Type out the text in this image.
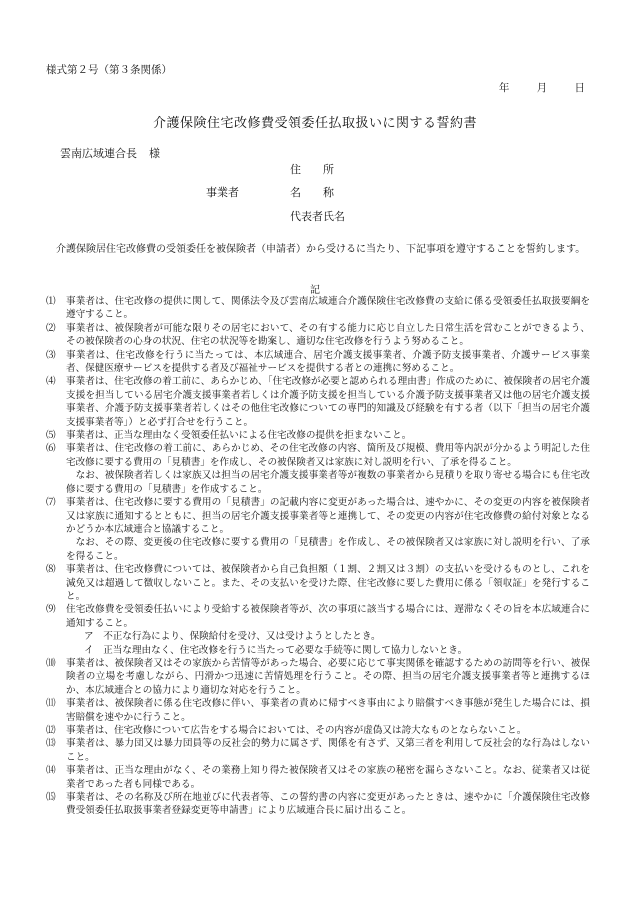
様式第２号（第３条関係）
年	月	日
介護保険住宅改修費受領委任払取扱いに関する誓約書
雲南広域連合長 様
事業者
住　　所
名　　称
代表者氏名
介護保険居住宅改修費の受領委任を被保険者（申請者）から受けるに当たり、下記事項を遵守することを誓約します。
記
⑴	事業者は、住宅改修の提供に関して、関係法令及び雲南広域連合介護保険住宅改修費の支給に係る受領委任払取扱要綱を遵守すること。
⑵	事業者は、被保険者が可能な限りその居宅において、その有する能力に応じ自立した日常生活を営むことができるよう、その被保険者の心身の状況、住宅の状況等を勘案し、適切な住宅改修を行うよう努めること。
⑶	事業者は、住宅改修を行うに当たっては、本広域連合、居宅介護支援事業者、介護予防支援事業者、介護サービス事業者、保健医療サービスを提供する者及び福祉サービスを提供する者との連携に努めること。
⑷	事業者は、住宅改修の着工前に、あらかじめ、「住宅改修が必要と認められる理由書」作成のために、被保険者の居宅介護支援を担当している居宅介護支援事業者若しくは介護予防支援を担当している介護予防支援事業者又は他の居宅介護支援事業者、介護予防支援事業者若しくはその他住宅改修についての専門的知識及び経験を有する者（以下「担当の居宅介護支援事業者等」）と必ず打合せを行うこと。
⑸	事業者は、正当な理由なく受領委任払いによる住宅改修の提供を拒まないこと。
⑹	事業者は、住宅改修の着工前に、あらかじめ、その住宅改修の内容、箇所及び規模、費用等内訳が分かるよう明記した住宅改修に要する費用の「見積書」を作成し、その被保険者又は家族に対し説明を行い、了承を得ること。
なお、被保険者若しくは家族又は担当の居宅介護支援事業者等が複数の事業者から見積りを取り寄せる場合にも住宅改修に要する費用の「見積書」を作成すること。
⑺	事業者は、住宅改修に要する費用の「見積書」の記載内容に変更があった場合は、速やかに、その変更の内容を被保険者又は家族に通知するとともに、担当の居宅介護支援事業者等と連携して、その変更の内容が住宅改修費の給付対象となるかどうか本広域連合と協議すること。
なお、その際、変更後の住宅改修に要する費用の「見積書」を作成し、その被保険者又は家族に対し説明を行い、了承を得ること。
⑻	事業者は、住宅改修費については、被保険者から自己負担額（１割、２割又は３割）の支払いを受けるものとし、これを減免又は超過して徴収しないこと。また、その支払いを受けた際、住宅改修に要した費用に係る「領収証」を発行すること。
⑼	住宅改修費を受領委任払いにより受給する被保険者等が、次の事項に該当する場合には、遅滞なくその旨を本広域連合に通知すること。
ア　 不正な行為により、保険給付を受け、又は受けようとしたとき。
イ　 正当な理由なく、住宅改修を行うに当たって必要な手続等に関して協力しないとき。
⑽	事業者は、被保険者又はその家族から苦情等があった場合、必要に応じて事実関係を確認するための訪問等を行い、被保険者の立場を考慮しながら、円滑かつ迅速に苦情処理を行うこと。その際、担当の居宅介護支援事業者等と連携するほか、本広域連合との協力により適切な対応を行うこと。
⑾	事業者は、被保険者に係る住宅改修に伴い、事業者の責めに帰すべき事由により賠償すべき事態が発生した場合には、損害賠償を速やかに行うこと。
⑿	事業者は、住宅改修について広告をする場合においては、その内容が虚偽又は誇大なものとならないこと。
⒀	事業者は、暴力団又は暴力団員等の反社会的勢力に属さず、関係を有さず、又第三者を利用して反社会的な行為はしないこと。
⒁	事業者は、正当な理由がなく、その業務上知り得た被保険者又はその家族の秘密を漏らさないこと。なお、従業者又は従業者であった者も同様である。
⒂	事業者は、その名称及び所在地並びに代表者等、この誓約書の内容に変更があったときは、速やかに「介護保険住宅改修費受領委任払取扱事業者登録変更等申請書」により広域連合長に届け出ること。
